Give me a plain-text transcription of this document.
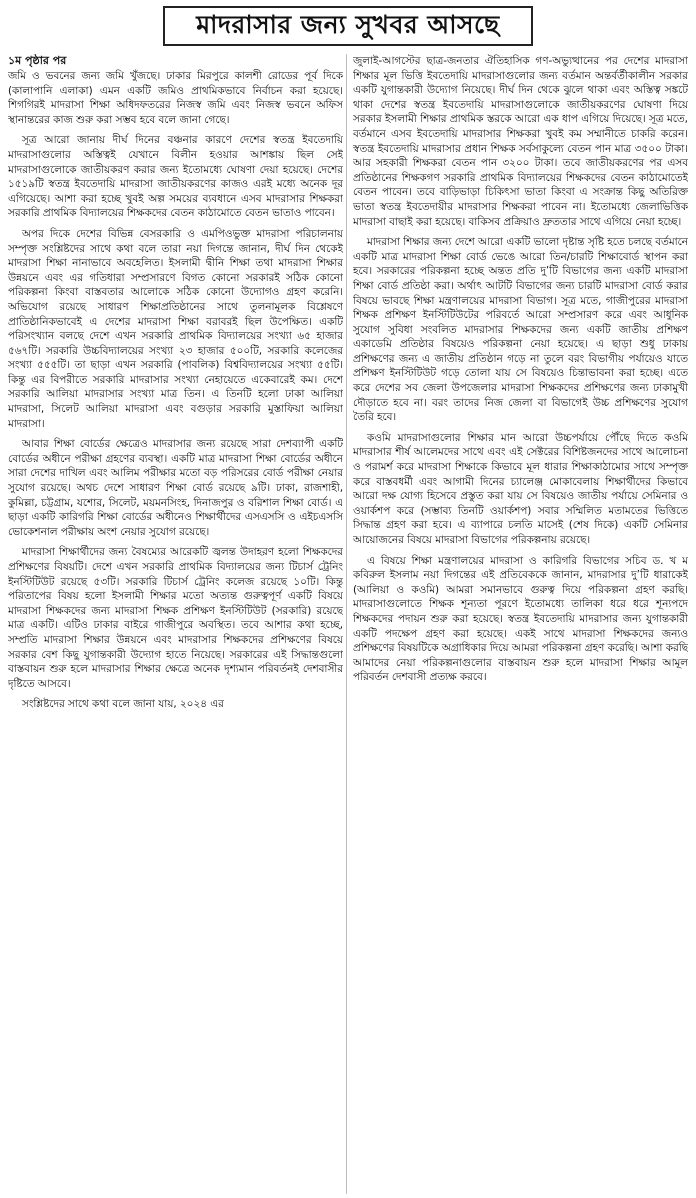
মাদরাসার জন্য সুখবর আসছে
১ম পৃষ্ঠার পর

জমি ও ভবনের জন্য জমি খুঁজছে। ঢাকার মিরপুরে কালশী রোডের পূর্ব দিকে (কালাপানি এলাকা) এমন একটি জমিও প্রাথমিকভাবে নির্বাচন করা হয়েছে। শিগগিরই মাদরাসা শিক্ষা অধিদফতরের নিজস্ব জমি এবং নিজস্ব ভবনে অফিস স্থানান্তরের কাজ শুরু করা সম্ভব হবে বলে জানা গেছে।

সূত্র আরো জানায় দীর্ঘ দিনের বঞ্চনার কারণে দেশের স্বতন্ত্র ইবতেদায়ি মাদরাসাগুলোর অস্তিত্বই যেখানে বিলীন হওয়ার আশঙ্কায় ছিল সেই মাদরাসাগুলোকে জাতীয়করণ করার জন্য ইতোমধ্যে ঘোষণা দেয়া হয়েছে। দেশের ১৫১৯টি স্বতন্ত্র ইবতেদায়ি মাদরাসা জাতীয়করণের কাজও এরই মধ্যে অনেক দূর এগিয়েছে। আশা করা হচ্ছে খুবই অল্প সময়ের ব্যবধানে এসব মাদরাসার শিক্ষকরা সরকারি প্রাথমিক বিদ্যালয়ের শিক্ষকদের বেতন কাঠামোতে বেতন ভাতাও পাবেন।

অপর দিকে দেশের বিভিন্ন বেসরকারি ও এমপিওভুক্ত মাদরাসা পরিচালনায় সম্পৃক্ত সংশ্লিষ্টদের সাথে কথা বলে তারা নয়া দিগন্তে জানান, দীর্ঘ দিন থেকেই মাদরাসা শিক্ষা নানাভাবে অবহেলিত। ইসলামী দ্বীনি শিক্ষা তথা মাদরাসা শিক্ষার উন্নয়নে এবং এর গতিধারা সম্প্রসারণে বিগত কোনো সরকারই সঠিক কোনো পরিকল্পনা কিংবা বাস্তবতার আলোকে সঠিক কোনো উদ্যোগও গ্রহণ করেনি। অভিযোগ রয়েছে সাধারণ শিক্ষাপ্রতিষ্ঠানের সাথে তুলনামূলক বিশ্লেষণে প্রাতিষ্ঠানিকভাবেই এ দেশের মাদরাসা শিক্ষা বরাবরই ছিল উপেক্ষিত। একটি পরিসংখ্যান বলছে দেশে এখন সরকারি প্রাথমিক বিদ্যালয়ের সংখ্যা ৬৫ হাজার ৫৬৭টি। সরকারি উচ্চবিদ্যালয়ের সংখ্যা ২৩ হাজার ৫০০টি, সরকারি কলেজের সংখ্যা ৫৫৫টি। তা ছাড়া এখন সরকারি (পাবলিক) বিশ্ববিদ্যালয়ের সংখ্যা ৫৫টি। কিন্তু এর বিপরীতে সরকারি মাদরাসার সংখ্যা নেহায়েতে একেবারেই কম। দেশে সরকারি আলিয়া মাদরাসার সংখ্যা মাত্র তিন। এ তিনটি হলো ঢাকা আলিয়া মাদরাসা, সিলেট আলিয়া মাদরাসা এবং বগুড়ার সরকারি মুস্তাফিয়া আলিয়া মাদরাসা।

আবার শিক্ষা বোর্ডের ক্ষেত্রেও মাদরাসার জন্য রয়েছে সারা দেশব্যাপী একটি বোর্ডের অধীনে পরীক্ষা গ্রহণের ব্যবস্থা। একটি মাত্র মাদরাসা শিক্ষা বোর্ডের অধীনে সারা দেশের দাখিল এবং আলিম পরীক্ষার মতো বড় পরিসরের বোর্ড পরীক্ষা নেয়ার সুযোগ রয়েছে। অথচ দেশে সাধারণ শিক্ষা বোর্ড রয়েছে ৯টি। ঢাকা, রাজশাহী, কুমিল্লা, চট্টগ্রাম, যশোর, সিলেট, ময়মনসিংহ, দিনাজপুর ও বরিশাল শিক্ষা বোর্ড। এ ছাড়া একটি কারিগরি শিক্ষা বোর্ডের অধীনেও শিক্ষার্থীদের এসএসসি ও এইচএসসি ভোকেশনাল পরীক্ষায় অংশ নেয়ার সুযোগ রয়েছে।

মাদরাসা শিক্ষার্থীদের জন্য বৈষম্যের আরেকটি জ্বলন্ত উদাহরণ হলো শিক্ষকদের প্রশিক্ষণের বিষয়টি। দেশে এখন সরকারি প্রাথমিক বিদ্যালয়ের জন্য টিচার্স ট্রেনিং ইনস্টিটিউট রয়েছে ৫৩টি। সরকারি টিচার্স ট্রেনিং কলেজ রয়েছে ১০টি। কিন্তু পরিতাপের বিষয় হলো ইসলামী শিক্ষার মতো অত্যন্ত গুরুত্বপূর্ণ একটি বিষয়ে মাদরাসা শিক্ষকদের জন্য মাদরাসা শিক্ষক প্রশিক্ষণ ইনস্টিটিউট (সরকারি) রয়েছে মাত্র একটি। এটিও ঢাকার বাইরে গাজীপুরে অবস্থিত। তবে আশার কথা হচ্ছে, সম্প্রতি মাদরাসা শিক্ষার উন্নয়নে এবং মাদরাসার শিক্ষকদের প্রশিক্ষণের বিষয়ে সরকার বেশ কিছু যুগান্তকারী উদ্যোগ হাতে নিয়েছে। সরকারের এই সিদ্ধান্তগুলো বাস্তবায়ন শুরু হলে মাদরাসার শিক্ষার ক্ষেত্রে অনেক দৃশ্যমান পরিবর্তনই দেশবাসীর দৃষ্টিতে আসবে।

সংশ্লিষ্টদের সাথে কথা বলে জানা যায়, ২০২৪ এর

জুলাই-আগস্টের ছাত্র-জনতার ঐতিহাসিক গণ-অভ্যুত্থানের পর দেশের মাদরাসা শিক্ষার মূল ভিত্তি ইবতেদায়ি মাদরাসাগুলোর জন্য বর্তমান অন্তর্বর্তীকালীন সরকার একটি যুগান্তকারী উদ্যোগ নিয়েছে। দীর্ঘ দিন থেকে ঝুলে থাকা এবং অস্তিত্ব সঙ্কটে থাকা দেশের স্বতন্ত্র ইবতেদায়ি মাদরাসাগুলোকে জাতীয়করণের ঘোষণা দিয়ে সরকার ইসলামী শিক্ষার প্রাথমিক স্তরকে আরো এক ধাপ এগিয়ে দিয়েছে। সূত্র মতে, বর্তমানে এসব ইবতেদায়ি মাদরাসার শিক্ষকরা খুবই কম সম্মানীতে চাকরি করেন। স্বতন্ত্র ইবতেদায়ি মাদরাসার প্রধান শিক্ষক সর্বসাকুল্যে বেতন পান মাত্র ৩৫০০ টাকা। আর সহকারী শিক্ষকরা বেতন পান ৩২০০ টাকা। তবে জাতীয়করণের পর এসব প্রতিষ্ঠানের শিক্ষকগণ সরকারি প্রাথমিক বিদ্যালয়ের শিক্ষকদের বেতন কাঠামোতেই বেতন পাবেন। তবে বাড়িভাড়া চিকিৎসা ভাতা কিংবা এ সংক্রান্ত কিছু অতিরিক্ত ভাতা স্বতন্ত্র ইবতেদায়ীর মাদরাসার শিক্ষকরা পাবেন না। ইতোমধ্যে জেলাভিত্তিক মাদরাসা বাছাই করা হয়েছে। বাকিসব প্রক্রিয়াও দ্রুততার সাথে এগিয়ে নেয়া হচ্ছে।

মাদরাসা শিক্ষার জন্য দেশে আরো একটি ভালো দৃষ্টান্ত সৃষ্টি হতে চলছে বর্তমানে একটি মাত্র মাদরাসা শিক্ষা বোর্ড ভেঙে আরো তিন/চারটি শিক্ষাবোর্ড স্থাপন করা হবে। সরকারের পরিকল্পনা হচ্ছে অন্তত প্রতি দু’টি বিভাগের জন্য একটি মাদরাসা শিক্ষা বোর্ড প্রতিষ্ঠা করা। অর্থাৎ আটটি বিভাগের জন্য চারটি মাদরাসা বোর্ড করার বিষয়ে ভাবছে শিক্ষা মন্ত্রণালয়ের মাদরাসা বিভাগ। সূত্র মতে, গাজীপুরের মাদরাসা শিক্ষক প্রশিক্ষণ ইনস্টিটিউটের পরিবর্তে আরো সম্প্রসারণ করে এবং আধুনিক সুযোগ সুবিধা সংবলিত মাদরাসার শিক্ষকদের জন্য একটি জাতীয় প্রশিক্ষণ একাডেমি প্রতিষ্ঠার বিষয়েও পরিকল্পনা নেয়া হয়েছে। এ ছাড়া শুধু ঢাকায় প্রশিক্ষণের জন্য এ জাতীয় প্রতিষ্ঠান গড়ে না তুলে বরং বিভাগীয় পর্যায়েও যাতে প্রশিক্ষণ ইনস্টিটিউট গড়ে তোলা যায় সে বিষয়েও চিন্তাভাবনা করা হচ্ছে। এতে করে দেশের সব জেলা উপজেলার মাদরাসা শিক্ষকদের প্রশিক্ষণের জন্য ঢাকামুখী দৌড়াতে হবে না। বরং তাদের নিজ জেলা বা বিভাগেই উচ্চ প্রশিক্ষণের সুযোগ তৈরি হবে।

কওমি মাদরাসাগুলোর শিক্ষার মান আরো উচ্চপর্যায়ে পৌঁছে দিতে কওমি মাদরাসার শীর্ষ আলেমদের সাথে এবং এই সেক্টরের বিশিষ্টজনদের সাথে আলোচনা ও পরামর্শ করে মাদরাসা শিক্ষাকে কিভাবে মূল ধারার শিক্ষাকাঠামোর সাথে সম্পৃক্ত করে বাস্তবধর্মী এবং আগামী দিনের চ্যালেঞ্জ মোকাবেলায় শিক্ষার্থীদের কিভাবে আরো দক্ষ যোগ্য হিসেবে প্রস্তুত করা যায় সে বিষয়েও জাতীয় পর্যায়ে সেমিনার ও ওয়ার্কশপ করে (সম্ভাব্য তিনটি ওয়ার্কশপ) সবার সম্মিলিত মতামতের ভিত্তিতে সিদ্ধান্ত গ্রহণ করা হবে। এ ব্যাপারে চলতি মাসেই (শেষ দিকে) একটি সেমিনার আয়োজনের বিষয়ে মাদরাসা বিভাগের পরিকল্পনায় রয়েছে।

এ বিষয়ে শিক্ষা মন্ত্রণালয়ের মাদরাসা ও কারিগরি বিভাগের সচিব ড. খ ম কবিরুল ইসলাম নয়া দিগন্তের এই প্রতিবেককে জানান, মাদরাসার দু’টি ধারাকেই (আলিয়া ও কওমি) আমরা সমানভাবে গুরুত্ব দিয়ে পরিকল্পনা গ্রহণ করছি। মাদরাসাগুলোতে শিক্ষক শূন্যতা পূরণে ইতোমধ্যে তালিকা ধরে ধরে শূন্যপদে শিক্ষকদের পদায়ন শুরু করা হয়েছে। স্বতন্ত্র ইবতেদায়ি মাদরাসার জন্য যুগান্তকারী একটি পদক্ষেপ গ্রহণ করা হয়েছে। একই সাথে মাদরাসা শিক্ষকদের জন্যও প্রশিক্ষণের বিষয়টিকে অগ্রাধিকার দিয়ে আমরা পরিকল্পনা গ্রহণ করেছি। আশা করছি আমাদের নেয়া পরিকল্পনাগুলোর বাস্তবায়ন শুরু হলে মাদরাসা শিক্ষার আমূল পরিবর্তন দেশবাসী প্রত্যক্ষ করবে।
